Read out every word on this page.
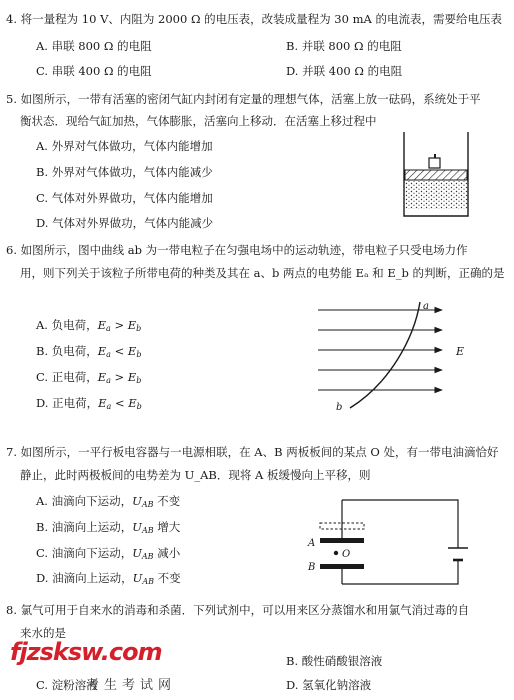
4. 将一量程为 10 V、内阻为 2000 Ω 的电压表，改装成量程为 30 mA 的电流表，需要给电压表
A. 串联 800 Ω 的电阻	B. 并联 800 Ω 的电阻
C. 串联 400 Ω 的电阻	D. 并联 400 Ω 的电阻
5. 如图所示，一带有活塞的密闭气缸内封闭有定量的理想气体，活塞上放一砝码，系统处于平
衡状态．现给气缸加热，气体膨胀，活塞向上移动．在活塞上移过程中
A. 外界对气体做功，气体内能增加
B. 外界对气体做功，气体内能减少
C. 气体对外界做功，气体内能增加
D. 气体对外界做功，气体内能减少
6. 如图所示，图中曲线 ab 为一带电粒子在匀强电场中的运动轨迹，带电粒子只受电场力作
用，则下列关于该粒子所带电荷的种类及其在 a、b 两点的电势能 Eₐ 和 E_b 的判断，正确的是
A. 负电荷，$E_a > E_b$
B. 负电荷，$E_a < E_b$
C. 正电荷，$E_a > E_b$
D. 正电荷，$E_a < E_b$
a
b
E
7. 如图所示，一平行板电容器与一电源相联，在 A、B 两板板间的某点 O 处，有一带电油滴恰好
静止，此时两极板间的电势差为 U_AB．现将 A 板缓慢向上平移，则
A. 油滴向下运动，$U_{AB}$ 不变
B. 油滴向上运动，$U_{AB}$ 增大
C. 油滴向下运动，$U_{AB}$ 减小
D. 油滴向上运动，$U_{AB}$ 不变
O
A
B
8. 氯气可用于自来水的消毒和杀菌．下列试剂中，可以用来区分蒸馏水和用氯气消过毒的自
来水的是
B. 酸性硝酸银溶液
C. 淀粉溶液	D. 氢氧化钠溶液
fjzsksw.com
考生考试网
